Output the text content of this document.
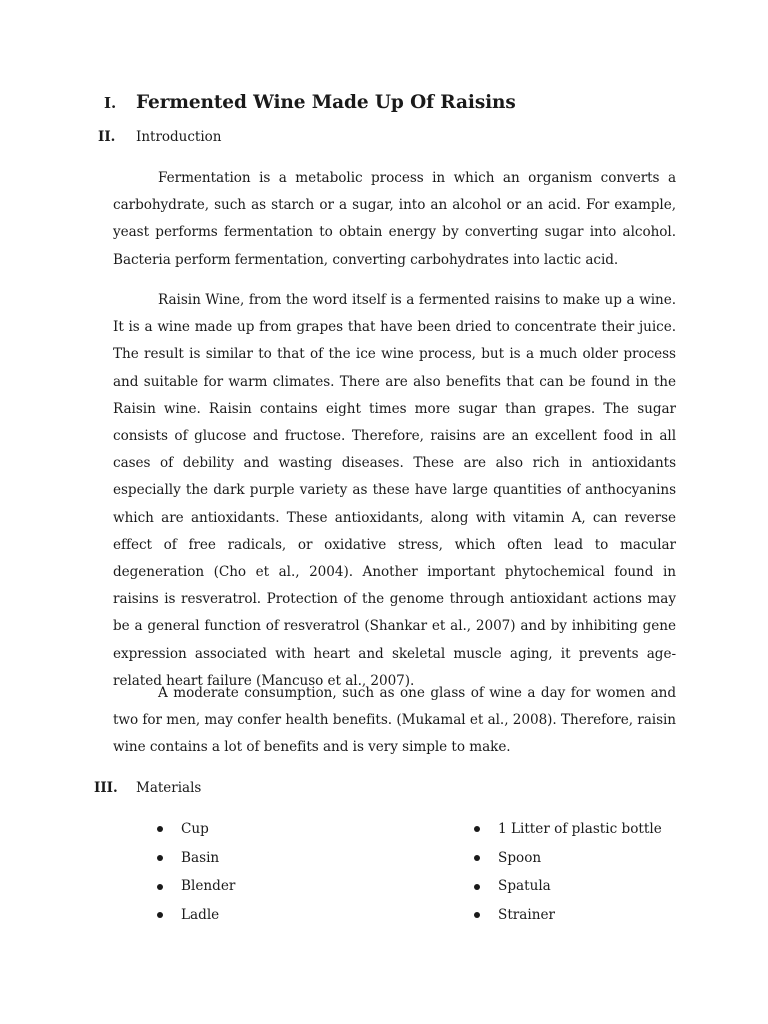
I.	Fermented Wine Made Up Of Raisins
II.	Introduction

Fermentation is a metabolic process in which an organism converts a carbohydrate, such as starch or a sugar, into an alcohol or an acid. For example, yeast performs fermentation to obtain energy by converting sugar into alcohol. Bacteria perform fermentation, converting carbohydrates into lactic acid.

Raisin Wine, from the word itself is a fermented raisins to make up a wine. It is a wine made up from grapes that have been dried to concentrate their juice. The result is similar to that of the ice wine process, but is a much older process and suitable for warm climates. There are also benefits that can be found in the Raisin wine. Raisin contains eight times more sugar than grapes. The sugar consists of glucose and fructose. Therefore, raisins are an excellent food in all cases of debility and wasting diseases. These are also rich in antioxidants especially the dark purple variety as these have large quantities of anthocyanins which are antioxidants. These antioxidants, along with vitamin A, can reverse effect of free radicals, or oxidative stress, which often lead to macular degeneration (Cho et al., 2004). Another important phytochemical found in raisins is resveratrol. Protection of the genome through antioxidant actions may be a general function of resveratrol (Shankar et al., 2007) and by inhibiting gene expression associated with heart and skeletal muscle aging, it prevents age-related heart failure (Mancuso et al., 2007).

A moderate consumption, such as one glass of wine a day for women and two for men, may confer health benefits. (Mukamal et al., 2008). Therefore, raisin wine contains a lot of benefits and is very simple to make.

III.	Materials
Cup
Basin
Blender
Ladle
1 Litter of plastic bottle
Spoon
Spatula
Strainer
